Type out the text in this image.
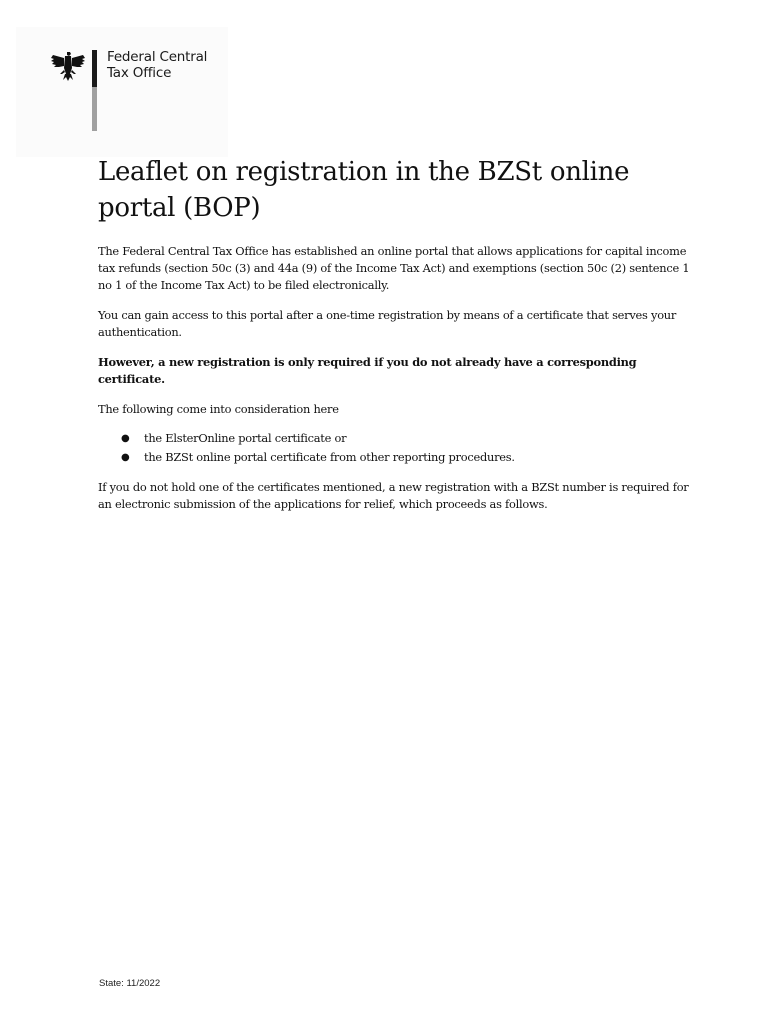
Federal Central
Tax Office
Leaflet on registration in the BZSt online portal (BOP)

The Federal Central Tax Office has established an online portal that allows applications for capital income tax refunds (section 50c (3) and 44a (9) of the Income Tax Act) and exemptions (section 50c (2) sentence 1 no 1 of the Income Tax Act) to be filed electronically.

You can gain access to this portal after a one-time registration by means of a certificate that serves your authentication.

However, a new registration is only required if you do not already have a corresponding certificate.

The following come into consideration here

● the ElsterOnline portal certificate or
● the BZSt online portal certificate from other reporting procedures.

If you do not hold one of the certificates mentioned, a new registration with a BZSt number is required for an electronic submission of the applications for relief, which proceeds as follows.

State: 11/2022
